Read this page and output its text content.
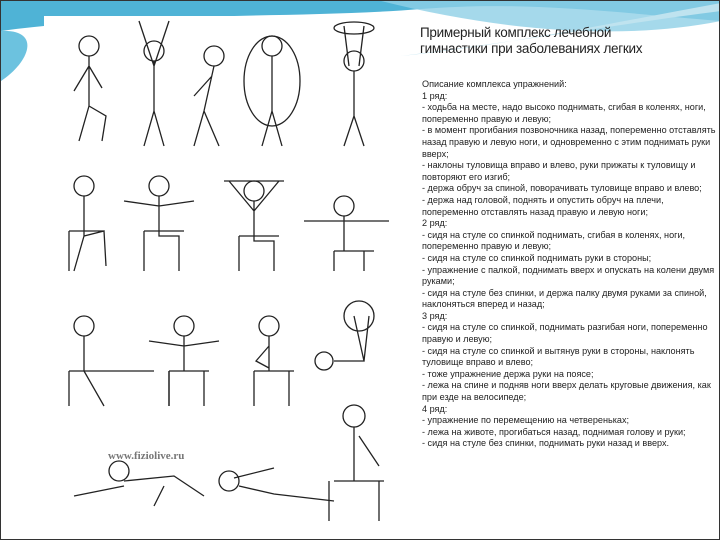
www.fiziolive.ru
Примерный комплекс лечебной
гимнастики при заболеваниях легких
Описание комплекса упражнений:
1 ряд:
- ходьба на месте, надо высоко поднимать, сгибая в коленях, ноги, попеременно правую и левую;
- в момент прогибания позвоночника назад, попеременно отставлять назад правую и левую ноги, и одновременно с этим поднимать руки вверх;
- наклоны туловища вправо и влево, руки прижаты к туловищу и повторяют его изгиб;
- держа обруч за спиной, поворачивать туловище вправо и влево;
- держа над головой, поднять и опустить обруч на плечи, попеременно отставлять назад правую и левую ноги;
2 ряд:
- сидя на стуле со спинкой поднимать, сгибая в коленях, ноги, попеременно правую и левую;
- сидя на стуле со спинкой поднимать руки в стороны;
- упражнение с палкой, поднимать вверх и опускать на колени двумя руками;
- сидя на стуле без спинки, и держа палку двумя руками за спиной, наклоняться вперед и назад;
3 ряд:
- сидя на стуле со спинкой, поднимать разгибая ноги, попеременно правую и левую;
- сидя на стуле со спинкой и вытянув руки в стороны, наклонять туловище вправо и влево;
- тоже упражнение держа руки на поясе;
- лежа на спине и подняв ноги вверх делать круговые движения, как при езде на велосипеде;
4 ряд:
- упражнение по перемещению на четвереньках;
- лежа на животе, прогибаться назад, поднимая голову и руки;
- сидя на стуле без спинки, поднимать руки назад и вверх.
